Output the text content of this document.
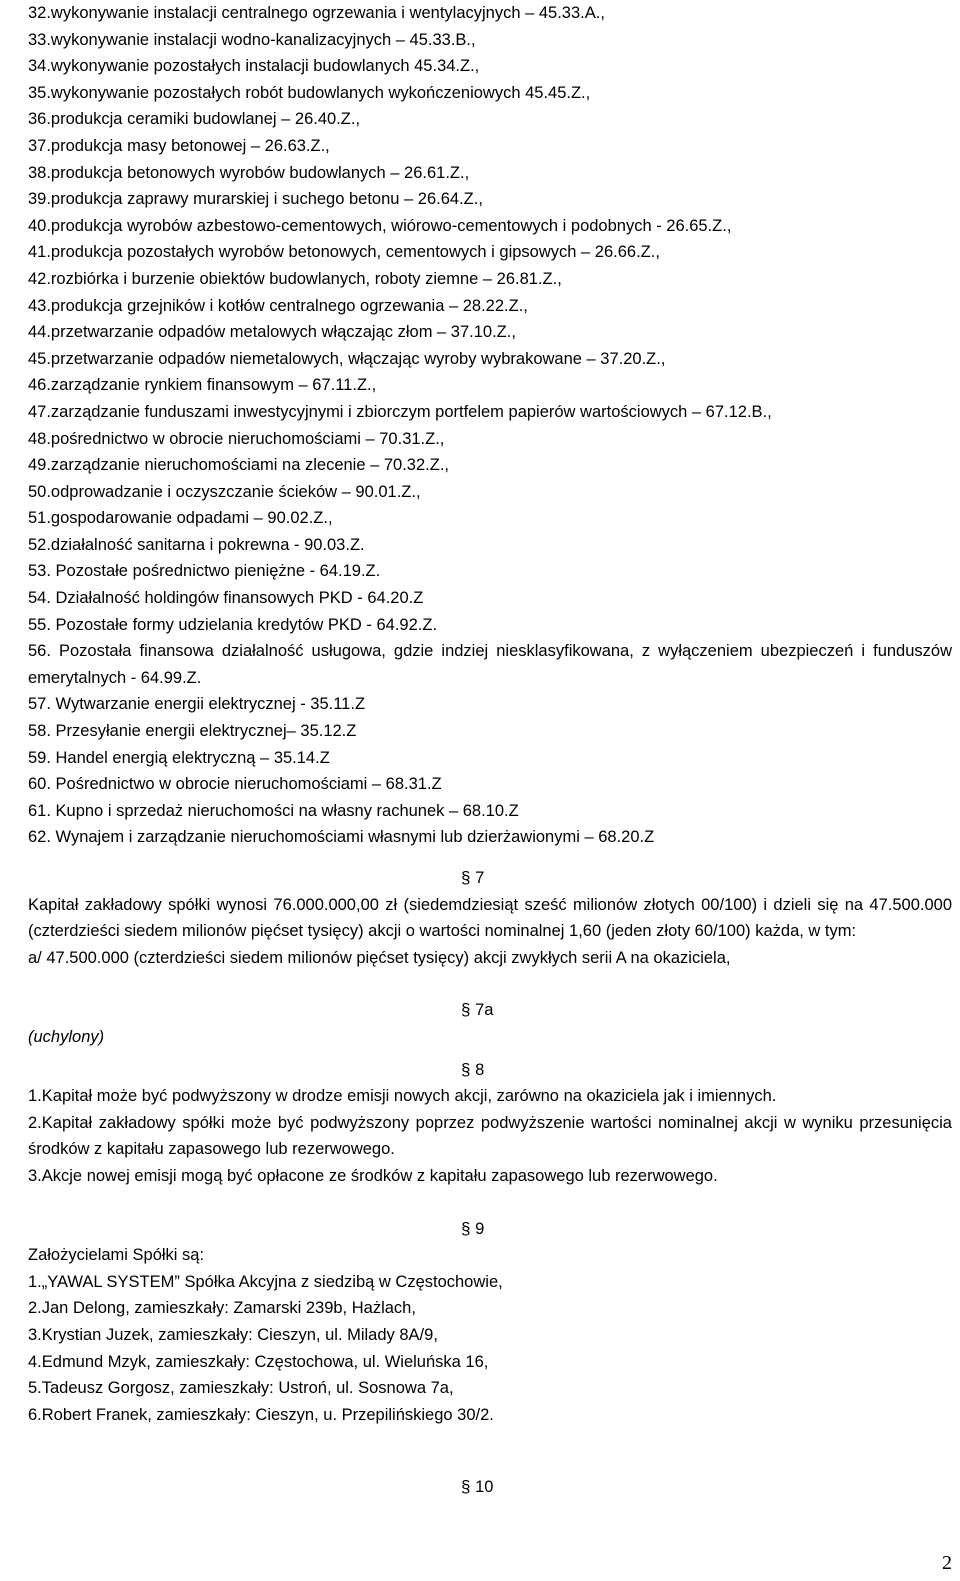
32.wykonywanie instalacji centralnego ogrzewania i wentylacyjnych – 45.33.A.,
33.wykonywanie instalacji wodno-kanalizacyjnych – 45.33.B.,
34.wykonywanie pozostałych instalacji budowlanych 45.34.Z.,
35.wykonywanie pozostałych robót budowlanych wykończeniowych 45.45.Z.,
36.produkcja ceramiki budowlanej – 26.40.Z.,
37.produkcja masy betonowej – 26.63.Z.,
38.produkcja betonowych wyrobów budowlanych – 26.61.Z.,
39.produkcja zaprawy murarskiej i suchego betonu – 26.64.Z.,
40.produkcja wyrobów azbestowo-cementowych, wiórowo-cementowych i podobnych - 26.65.Z.,
41.produkcja pozostałych wyrobów betonowych, cementowych i gipsowych – 26.66.Z.,
42.rozbiórka i burzenie obiektów budowlanych, roboty ziemne – 26.81.Z.,
43.produkcja grzejników i kotłów centralnego ogrzewania – 28.22.Z.,
44.przetwarzanie odpadów metalowych włączając złom – 37.10.Z.,
45.przetwarzanie odpadów niemetalowych, włączając wyroby wybrakowane – 37.20.Z.,
46.zarządzanie rynkiem finansowym – 67.11.Z.,
47.zarządzanie funduszami inwestycyjnymi i zbiorczym portfelem papierów wartościowych – 67.12.B.,
48.pośrednictwo w obrocie nieruchomościami – 70.31.Z.,
49.zarządzanie nieruchomościami na zlecenie – 70.32.Z.,
50.odprowadzanie i oczyszczanie ścieków – 90.01.Z.,
51.gospodarowanie odpadami – 90.02.Z.,
52.działalność sanitarna i pokrewna - 90.03.Z.
53. Pozostałe pośrednictwo pieniężne - 64.19.Z.
54. Działalność holdingów finansowych PKD - 64.20.Z
55. Pozostałe formy udzielania kredytów PKD - 64.92.Z.
56. Pozostała finansowa działalność usługowa, gdzie indziej niesklasyfikowana, z wyłączeniem ubezpieczeń i funduszów emerytalnych - 64.99.Z.
57. Wytwarzanie energii elektrycznej - 35.11.Z
58. Przesyłanie energii elektrycznej– 35.12.Z
59. Handel energią elektryczną – 35.14.Z
60. Pośrednictwo w obrocie nieruchomościami – 68.31.Z
61. Kupno i sprzedaż nieruchomości na własny rachunek – 68.10.Z
62. Wynajem i zarządzanie nieruchomościami własnymi lub dzierżawionymi – 68.20.Z
§ 7
Kapitał zakładowy spółki wynosi 76.000.000,00 zł (siedemdziesiąt sześć milionów złotych 00/100) i dzieli się na 47.500.000 (czterdzieści siedem milionów pięćset tysięcy) akcji o wartości nominalnej 1,60 (jeden złoty 60/100) każda, w tym:
a/ 47.500.000 (czterdzieści siedem milionów pięćset tysięcy) akcji zwykłych serii A na okaziciela,
§ 7a
(uchylony)
§ 8
1.Kapitał może być podwyższony w drodze emisji nowych akcji, zarówno na okaziciela jak i imiennych.
2.Kapitał zakładowy spółki może być podwyższony poprzez podwyższenie wartości nominalnej akcji w wyniku przesunięcia środków z kapitału zapasowego lub rezerwowego.
3.Akcje nowej emisji mogą być opłacone ze środków z kapitału zapasowego lub rezerwowego.
§ 9
Założycielami Spółki są:
1.„YAWAL SYSTEM” Spółka Akcyjna z siedzibą w Częstochowie,
2.Jan Delong, zamieszkały: Zamarski 239b, Hażlach,
3.Krystian Juzek, zamieszkały: Cieszyn, ul. Milady 8A/9,
4.Edmund Mzyk, zamieszkały: Częstochowa, ul. Wieluńska 16,
5.Tadeusz Gorgosz, zamieszkały: Ustroń, ul. Sosnowa 7a,
6.Robert Franek, zamieszkały: Cieszyn, u. Przepilińskiego 30/2.
§ 10
2
